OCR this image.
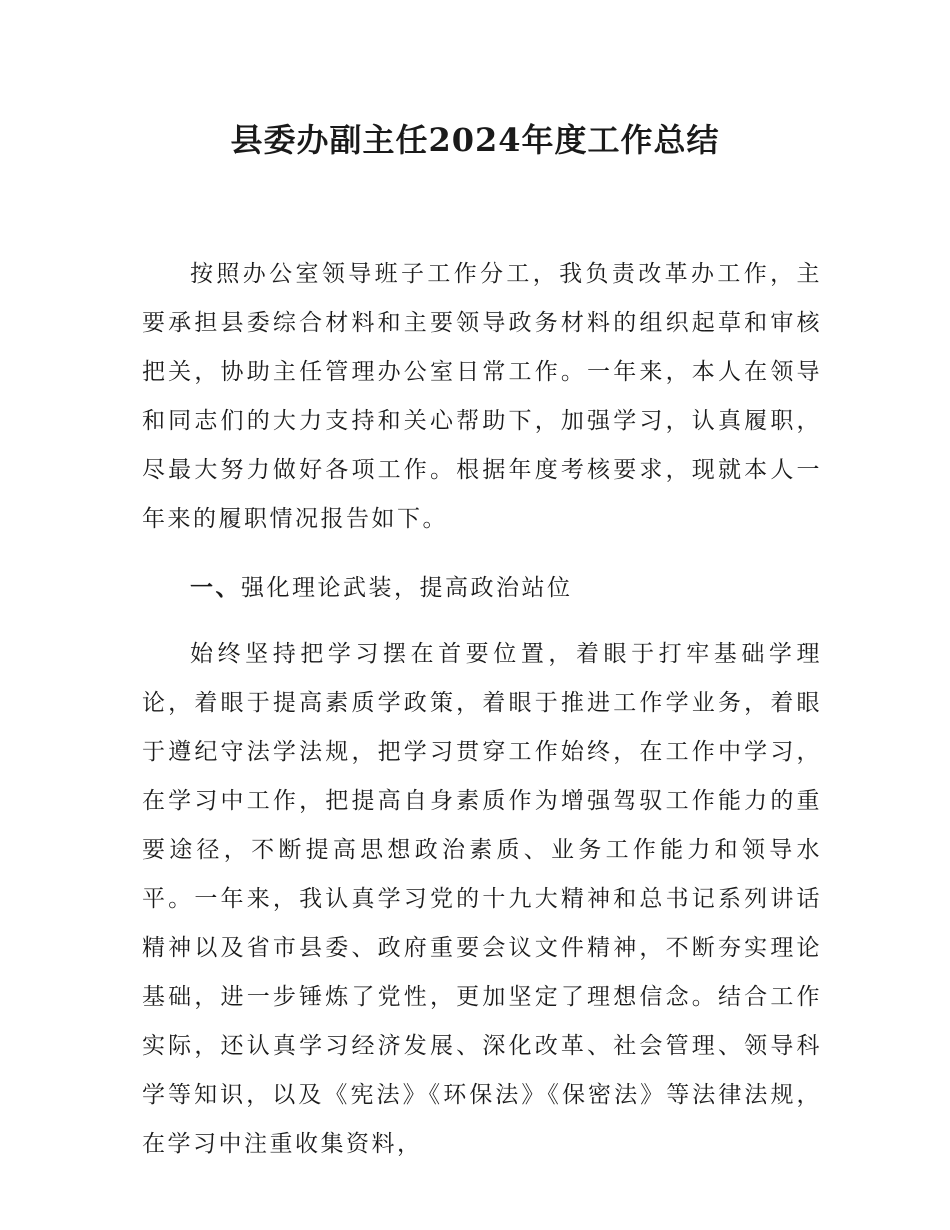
县委办副主任2024年度工作总结

按照办公室领导班子工作分工，我负责改革办工作，主要承担县委综合材料和主要领导政务材料的组织起草和审核把关，协助主任管理办公室日常工作。一年来，本人在领导和同志们的大力支持和关心帮助下，加强学习，认真履职，尽最大努力做好各项工作。根据年度考核要求，现就本人一年来的履职情况报告如下。

一、强化理论武装，提高政治站位

始终坚持把学习摆在首要位置，着眼于打牢基础学理论，着眼于提高素质学政策，着眼于推进工作学业务，着眼于遵纪守法学法规，把学习贯穿工作始终，在工作中学习，在学习中工作，把提高自身素质作为增强驾驭工作能力的重要途径，不断提高思想政治素质、业务工作能力和领导水平。一年来，我认真学习党的十九大精神和总书记系列讲话精神以及省市县委、政府重要会议文件精神，不断夯实理论基础，进一步锤炼了党性，更加坚定了理想信念。结合工作实际，还认真学习经济发展、深化改革、社会管理、领导科学等知识，以及《宪法》《环保法》《保密法》等法律法规，在学习中注重收集资料，
